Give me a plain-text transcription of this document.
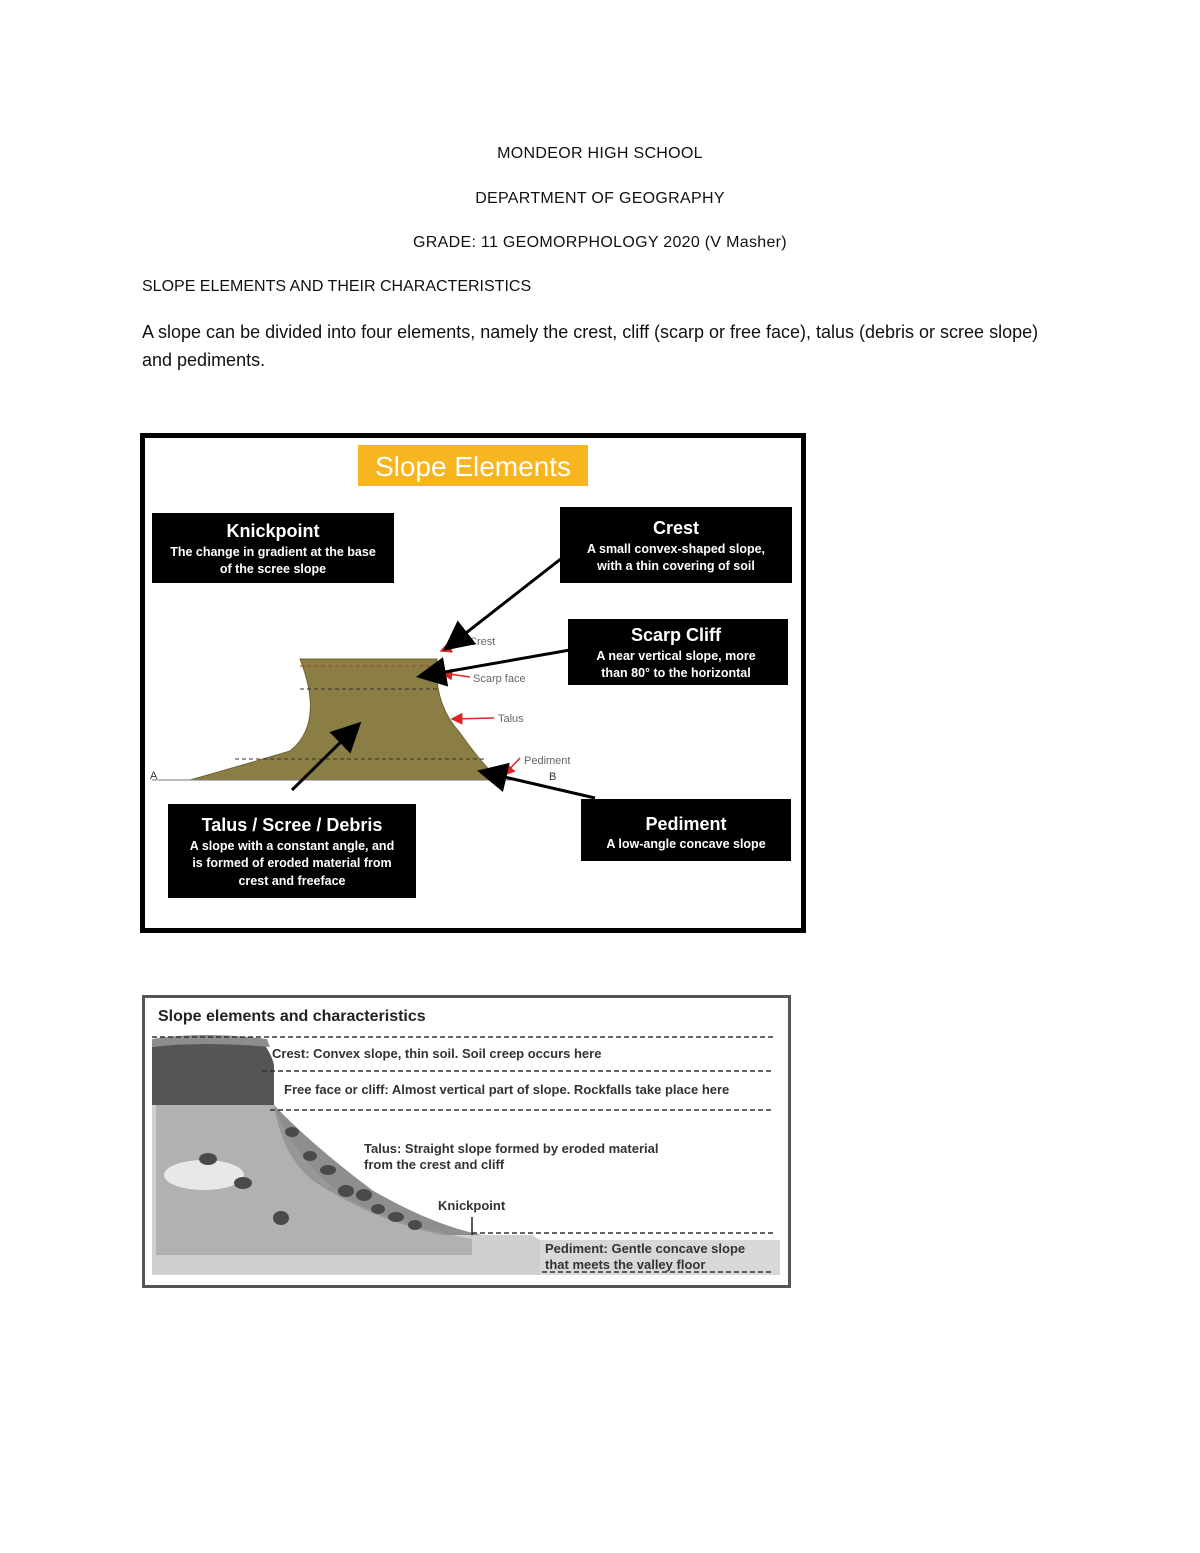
MONDEOR HIGH SCHOOL
DEPARTMENT OF GEOGRAPHY
GRADE: 11 GEOMORPHOLOGY 2020 (V Masher)
SLOPE ELEMENTS AND THEIR CHARACTERISTICS
A slope can be divided into four elements, namely the crest, cliff (scarp or free face), talus (debris or scree slope) and pediments.
Slope Elements
A	B
Crest
Scarp face
Talus
Pediment
Knickpoint
The change in gradient at the base
of the scree slope
Crest
A small convex-shaped slope,
with a thin covering of soil
Scarp Cliff
A near vertical slope, more
than 80° to the horizontal
Talus / Scree / Debris
A slope with a constant angle, and
is formed of eroded material from
crest and freeface
Pediment
A low-angle concave slope
Slope elements and characteristics
Crest: Convex slope, thin soil. Soil creep occurs here
Free face or cliff: Almost vertical part of slope. Rockfalls take place here
Talus: Straight slope formed by eroded material
from the crest and cliff
Knickpoint
Pediment: Gentle concave slope
that meets the valley floor
